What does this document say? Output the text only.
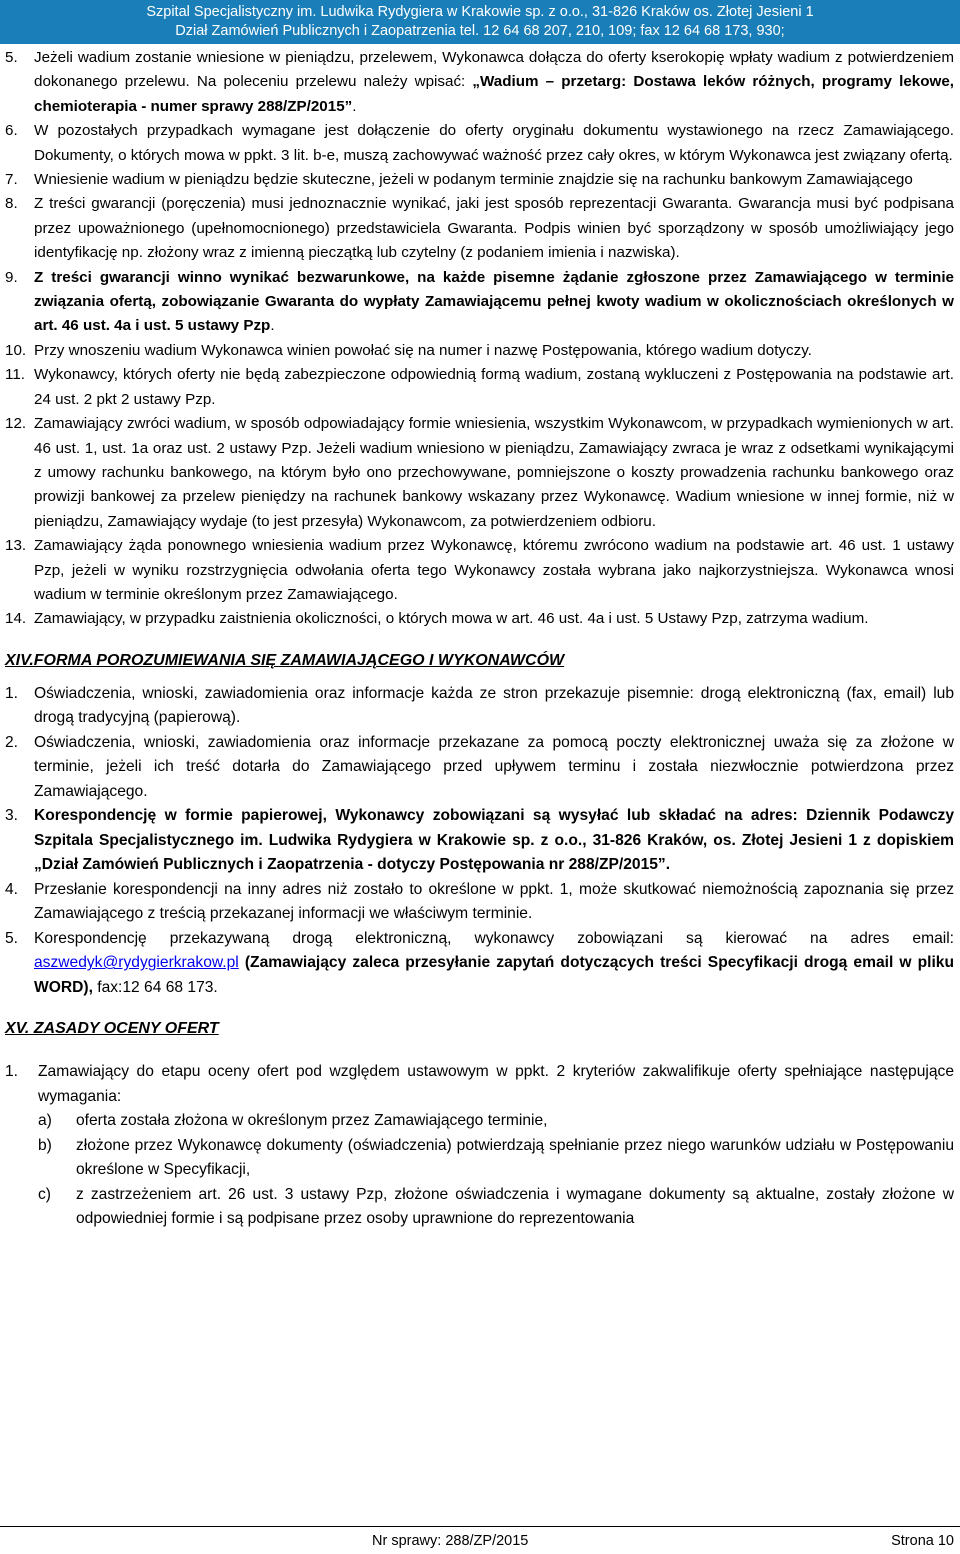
Szpital Specjalistyczny im. Ludwika Rydygiera w Krakowie sp. z o.o., 31-826 Kraków os. Złotej Jesieni 1
Dział Zamówień Publicznych i Zaopatrzenia tel. 12 64 68 207, 210, 109; fax 12 64 68 173, 930;
5. Jeżeli wadium zostanie wniesione w pieniądzu, przelewem, Wykonawca dołącza do oferty kserokopię wpłaty wadium z potwierdzeniem dokonanego przelewu. Na poleceniu przelewu należy wpisać: „Wadium – przetarg: Dostawa leków różnych, programy lekowe, chemioterapia - numer sprawy 288/ZP/2015”.
6. W pozostałych przypadkach wymagane jest dołączenie do oferty oryginału dokumentu wystawionego na rzecz Zamawiającego. Dokumenty, o których mowa w ppkt. 3 lit. b-e, muszą zachowywać ważność przez cały okres, w którym Wykonawca jest związany ofertą.
7. Wniesienie wadium w pieniądzu będzie skuteczne, jeżeli w podanym terminie znajdzie się na rachunku bankowym Zamawiającego
8. Z treści gwarancji (poręczenia) musi jednoznacznie wynikać, jaki jest sposób reprezentacji Gwaranta. Gwarancja musi być podpisana przez upoważnionego (upełnomocnionego) przedstawiciela Gwaranta. Podpis winien być sporządzony w sposób umożliwiający jego identyfikację np. złożony wraz z imienną pieczątką lub czytelny (z podaniem imienia i nazwiska).
9. Z treści gwarancji winno wynikać bezwarunkowe, na każde pisemne żądanie zgłoszone przez Zamawiającego w terminie związania ofertą, zobowiązanie Gwaranta do wypłaty Zamawiającemu pełnej kwoty wadium w okolicznościach określonych w art. 46 ust. 4a i ust. 5 ustawy Pzp.
10. Przy wnoszeniu wadium Wykonawca winien powołać się na numer i nazwę Postępowania, którego wadium dotyczy.
11. Wykonawcy, których oferty nie będą zabezpieczone odpowiednią formą wadium, zostaną wykluczeni z Postępowania na podstawie art. 24 ust. 2 pkt 2 ustawy Pzp.
12. Zamawiający zwróci wadium, w sposób odpowiadający formie wniesienia, wszystkim Wykonawcom, w przypadkach wymienionych w art. 46 ust. 1, ust. 1a oraz ust. 2 ustawy Pzp. Jeżeli wadium wniesiono w pieniądzu, Zamawiający zwraca je wraz z odsetkami wynikającymi z umowy rachunku bankowego, na którym było ono przechowywane, pomniejszone o koszty prowadzenia rachunku bankowego oraz prowizji bankowej za przelew pieniędzy na rachunek bankowy wskazany przez Wykonawcę. Wadium wniesione w innej formie, niż w pieniądzu, Zamawiający wydaje (to jest przesyła) Wykonawcom, za potwierdzeniem odbioru.
13. Zamawiający żąda ponownego wniesienia wadium przez Wykonawcę, któremu zwrócono wadium na podstawie art. 46 ust. 1 ustawy Pzp, jeżeli w wyniku rozstrzygnięcia odwołania oferta tego Wykonawcy została wybrana jako najkorzystniejsza. Wykonawca wnosi wadium w terminie określonym przez Zamawiającego.
14. Zamawiający, w przypadku zaistnienia okoliczności, o których mowa w art. 46 ust. 4a i ust. 5 Ustawy Pzp, zatrzyma wadium.
XIV.FORMA POROZUMIEWANIA SIĘ ZAMAWIAJĄCEGO I WYKONAWCÓW
1. Oświadczenia, wnioski, zawiadomienia oraz informacje każda ze stron przekazuje pisemnie: drogą elektroniczną (fax, email) lub drogą tradycyjną (papierową).
2. Oświadczenia, wnioski, zawiadomienia oraz informacje przekazane za pomocą poczty elektronicznej uważa się za złożone w terminie, jeżeli ich treść dotarła do Zamawiającego przed upływem terminu i została niezwłocznie potwierdzona przez Zamawiającego.
3. Korespondencję w formie papierowej, Wykonawcy zobowiązani są wysyłać lub składać na adres: Dziennik Podawczy Szpitala Specjalistycznego im. Ludwika Rydygiera w Krakowie sp. z o.o., 31-826 Kraków, os. Złotej Jesieni 1 z dopiskiem „Dział Zamówień Publicznych i Zaopatrzenia - dotyczy Postępowania nr 288/ZP/2015”.
4. Przesłanie korespondencji na inny adres niż zostało to określone w ppkt. 1, może skutkować niemożnością zapoznania się przez Zamawiającego z treścią przekazanej informacji we właściwym terminie.
5. Korespondencję przekazywaną drogą elektroniczną, wykonawcy zobowiązani są kierować na adres email: aszwedyk@rydygierkrakow.pl (Zamawiający zaleca przesyłanie zapytań dotyczących treści Specyfikacji drogą email w pliku WORD), fax:12 64 68 173.
XV. ZASADY OCENY OFERT
1. Zamawiający do etapu oceny ofert pod względem ustawowym w ppkt. 2 kryteriów zakwalifikuje oferty spełniające następujące wymagania:
a)	oferta została złożona w określonym przez Zamawiającego terminie,
b)	złożone przez Wykonawcę dokumenty (oświadczenia) potwierdzają spełnianie przez niego warunków udziału w Postępowaniu określone w Specyfikacji,
c)	z zastrzeżeniem art. 26 ust. 3 ustawy Pzp, złożone oświadczenia i wymagane dokumenty są aktualne, zostały złożone w odpowiedniej formie i są podpisane przez osoby uprawnione do reprezentowania
Nr sprawy: 288/ZP/2015	Strona 10
